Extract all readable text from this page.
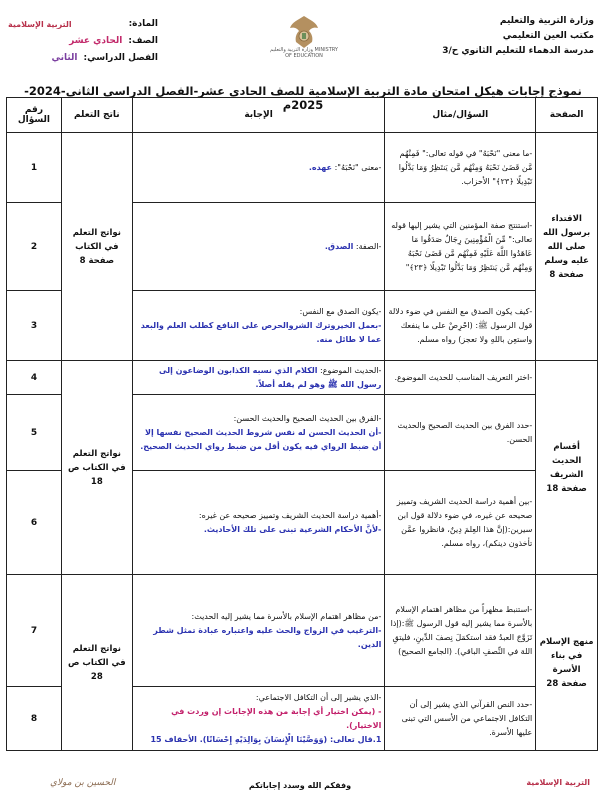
وزارة التربية والتعليم
مكتب العين التعليمي
مدرسة الدهماء للتعليم الثانوي ح/3
وزارة التربية والتعليم MINISTRY OF EDUCATION
التربية الإسلامية	المادة:
الصف:
الحادي عشر
الفصل الدراسي:
الثاني
نموذج إجابات هيكل امتحان مادة التربية الإسلامية للصف الحادي عشر-الفصل الدراسي الثاني-2024-2025م
الصفحة	السؤال/مثال	الإجابة	ناتج التعلم	رقم السؤال
الاقتداء برسول الله صلى الله عليه وسلم صفحة 8	-ما معنى "نَحْبَهُ" في قوله تعالى:" فَمِنْهُم مَّن قَضَىٰ نَحْبَهُ وَمِنْهُم مَّن يَنتَظِرُ وَمَا بَدَّلُوا تَبْدِيلًا ﴿٢٣﴾" الأحزاب.	-معنى "نَحْبَهُ": عهده.	نواتج التعلم في الكتاب صفحة 8	1
	-استنتج صفة المؤمنين التي يشير إليها قوله تعالى:" مِّنَ الْمُؤْمِنِينَ رِجَالٌ صَدَقُوا مَا عَاهَدُوا اللَّهَ عَلَيْهِ فَمِنْهُم مَّن قَضَىٰ نَحْبَهُ وَمِنْهُم مَّن يَنتَظِرُ وَمَا بَدَّلُوا تَبْدِيلًا ﴿٢٣﴾"	-الصفة: الصدق.		2
	-كيف يكون الصدق مع النفس في ضوء دلالة قول الرسول ﷺ: (احْرِصْ على ما ينفعك واستعِن باللهِ ولا تعجز) رواه مسلم.	-يكون الصدق مع النفس:
-بعمل الخيروترك الشروالحرص على النافع كطلب العلم والبعد عما لا طائل منه.		3
أقسام الحديث الشريف صفحة 18	-اختر التعريف المناسب للحديث الموضوع.	-الحديث الموضوع: الكلام الذي نسبه الكذابون الوضاعون إلى رسول الله ﷺ وهو لم يقله أصلاً.	نواتج التعلم في الكتاب ص 18	4
	-حدد الفرق بين الحديث الصحيح والحديث الحسن.	-الفرق بين الحديث الصحيح والحديث الحسن:
-أن الحديث الحسن له نفس شروط الحديث الصحيح نفسها إلا أن ضبط الرواي فيه يكون أقل من ضبط رواي الحديث الصحيح.		5
	-بين أهمية دراسة الحديث الشريف وتمييز صحيحه عن غيره، في ضوء دلالة قول ابن سيرين:(إنَّ هذا العِلمَ دِينٌ، فانظروا عمَّن تأخذون دينكم)، رواه مسلم.	-أهمية دراسة الحديث الشريف وتمييز صحيحه عن غيره:
-لأنَّ الأحكام الشرعية تبنى على تلك الأحاديث.		6
منهج الإسلام في بناء الأسرة صفحة 28	-استنبط مظهراً من مظاهر اهتمام الإسلام بالأسرة مما يشير إليه قول الرسول ﷺ:(إذا تَزَوَّجَ العبدُ فقد استكمَلَ نِصفَ الدِّينِ، فليتقِ اللهَ في النِّصفِ الباقي). (الجامع الصحيح)	-من مظاهر اهتمام الإسلام بالأسرة مما يشير إليه الحديث:
-الترغيب في الزواج والحث عليه واعتباره عبادة تمثل شطر الدين.	نواتج التعلم في الكتاب ص 28	7
	-حدد النص القرآني الذي يشير إلى أن التكافل الاجتماعي من الأسس التي تبنى عليها الأسرة.	-الذي يشير إلى أن التكافل الاجتماعي:
- (يمكن اختيار أي إجابة من هذه الإجابات إن وردت في الاختيار).
1.قال تعالى: (وَوَصَّيْنَا الْإِنسَانَ بِوَالِدَيْهِ إِحْسَانًا). الأحقاف 15		8
الحسين بن مولاي	وفقكم الله وسدد إجاباتكم	التربية الإسلامية
